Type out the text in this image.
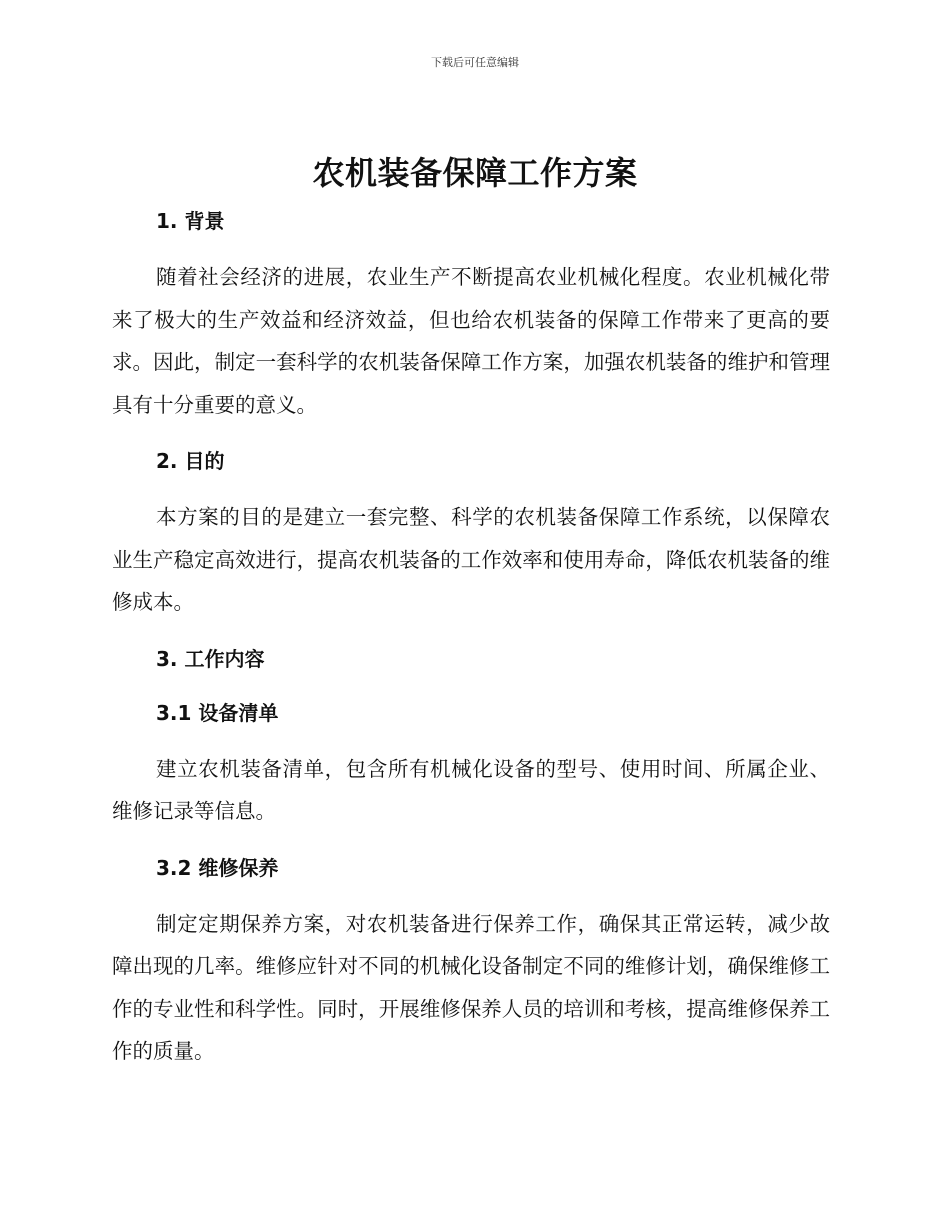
下载后可任意编辑
农机装备保障工作方案
1. 背景

随着社会经济的进展，农业生产不断提高农业机械化程度。农业机械化带来了极大的生产效益和经济效益，但也给农机装备的保障工作带来了更高的要求。因此，制定一套科学的农机装备保障工作方案，加强农机装备的维护和管理具有十分重要的意义。

2. 目的

本方案的目的是建立一套完整、科学的农机装备保障工作系统，以保障农业生产稳定高效进行，提高农机装备的工作效率和使用寿命，降低农机装备的维修成本。

3. 工作内容
3.1 设备清单

建立农机装备清单，包含所有机械化设备的型号、使用时间、所属企业、维修记录等信息。

3.2 维修保养

制定定期保养方案，对农机装备进行保养工作，确保其正常运转，减少故障出现的几率。维修应针对不同的机械化设备制定不同的维修计划，确保维修工作的专业性和科学性。同时，开展维修保养人员的培训和考核，提高维修保养工作的质量。
